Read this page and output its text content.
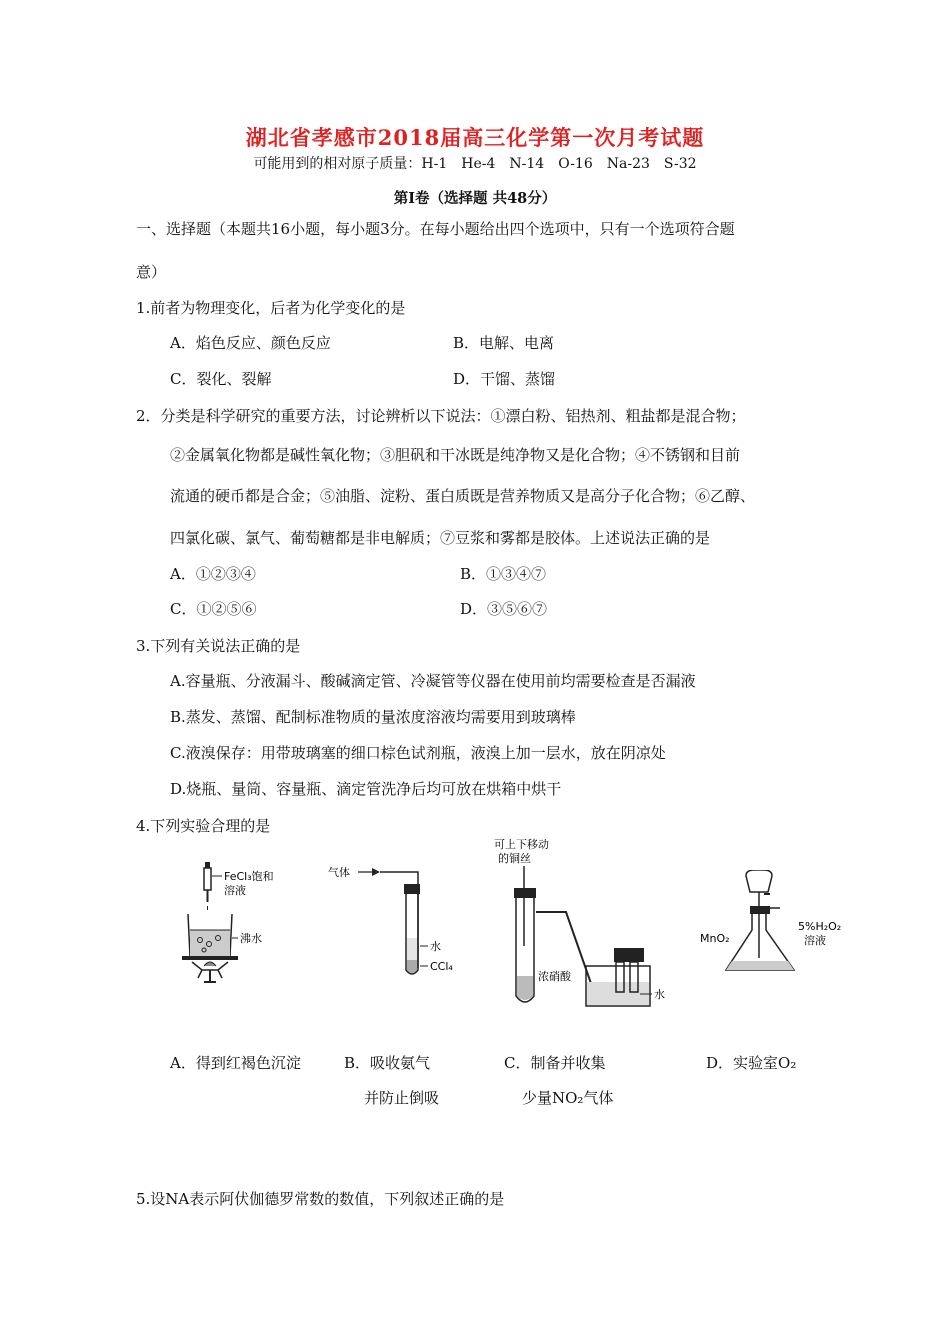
湖北省孝感市2018届高三化学第一次月考试题
可能用到的相对原子质量：H-1　He-4　N-14　O-16　Na-23　S-32
第Ⅰ卷（选择题 共48分）
一、选择题（本题共16小题，每小题3分。在每小题给出四个选项中，只有一个选项符合题
意）
1.前者为物理变化，后者为化学变化的是
A．焰色反应、颜色反应	B．电解、电离
C．裂化、裂解	D．干馏、蒸馏
2．分类是科学研究的重要方法，讨论辨析以下说法：①漂白粉、铝热剂、粗盐都是混合物；
②金属氧化物都是碱性氧化物；③胆矾和干冰既是纯净物又是化合物；④不锈钢和目前
流通的硬币都是合金；⑤油脂、淀粉、蛋白质既是营养物质又是高分子化合物；⑥乙醇、
四氯化碳、氯气、葡萄糖都是非电解质；⑦豆浆和雾都是胶体。上述说法正确的是
A．①②③④	B．①③④⑦
C．①②⑤⑥	D．③⑤⑥⑦
3.下列有关说法正确的是
A.容量瓶、分液漏斗、酸碱滴定管、冷凝管等仪器在使用前均需要检查是否漏液
B.蒸发、蒸馏、配制标准物质的量浓度溶液均需要用到玻璃棒
C.液溴保存：用带玻璃塞的细口棕色试剂瓶，液溴上加一层水，放在阴凉处
D.烧瓶、量筒、容量瓶、滴定管洗净后均可放在烘箱中烘干
4.下列实验合理的是
FeCl₃饱和
溶液
沸水
气体
水
CCl₄
可上下移动
的铜丝
浓硝酸
水
MnO₂
5%H₂O₂
溶液
A．得到红褐色沉淀	B．吸收氨气
并防止倒吸
C．制备并收集
少量NO₂气体
D．实验室O₂
5.设NA表示阿伏伽德罗常数的数值，下列叙述正确的是
